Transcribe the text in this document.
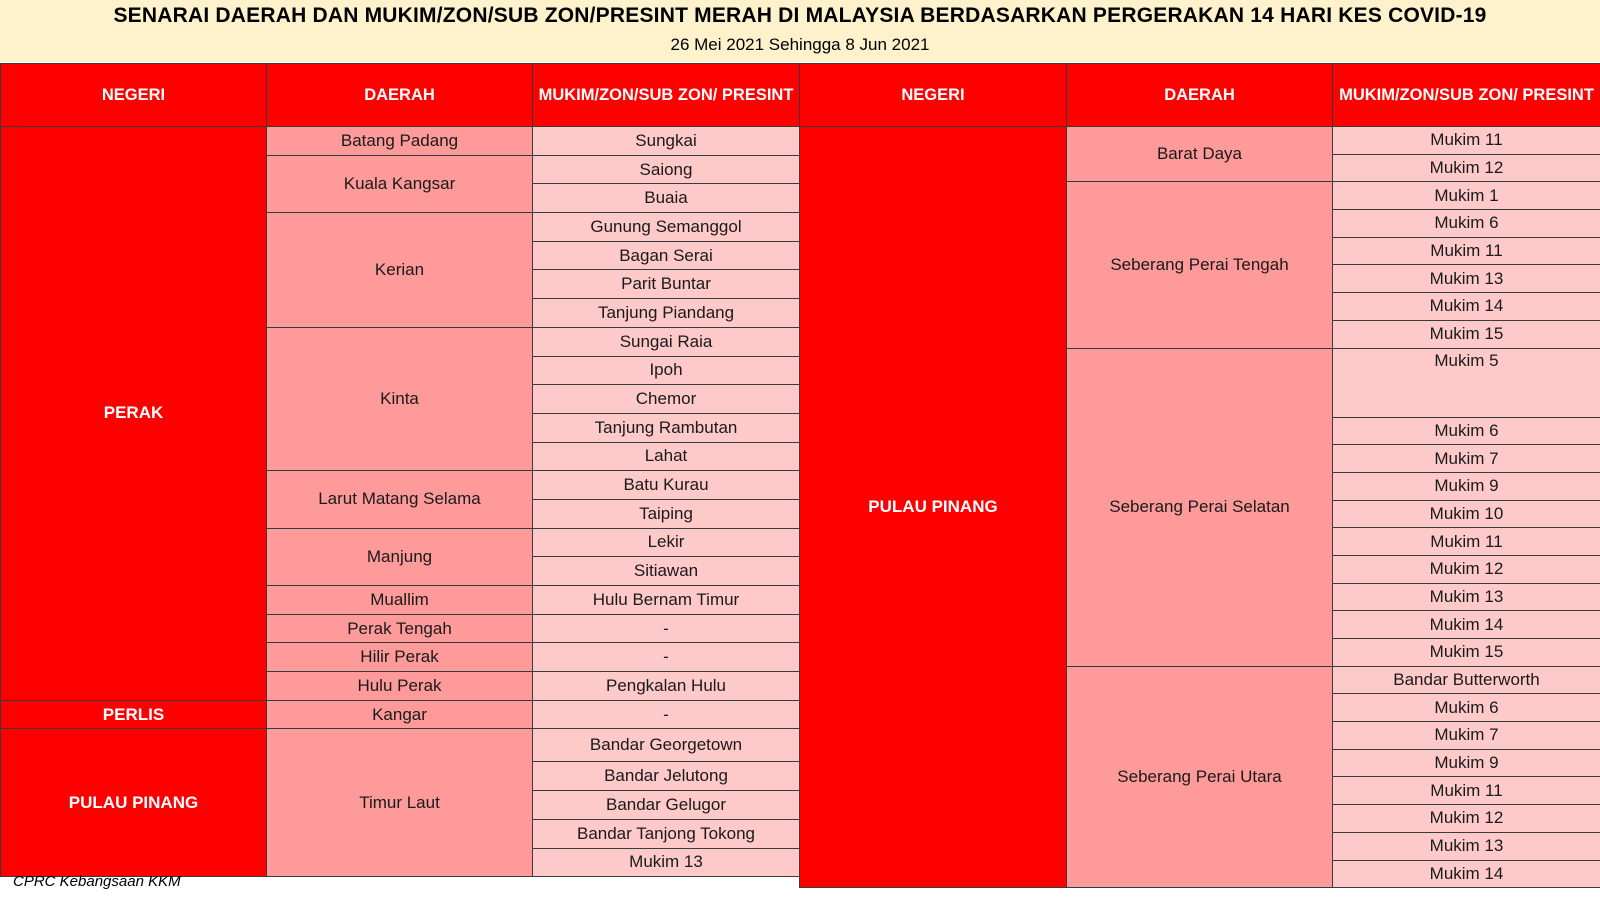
SENARAI DAERAH DAN MUKIM/ZON/SUB ZON/PRESINT MERAH DI MALAYSIA BERDASARKAN PERGERAKAN 14 HARI KES COVID-19
26 Mei 2021 Sehingga 8 Jun 2021
NEGERI	DAERAH	MUKIM/ZON/SUB ZON/ PRESINT
PERAK	Batang Padang	Sungkai
	Kuala Kangsar	Saiong
		Buaia
	Kerian	Gunung Semanggol
		Bagan Serai
		Parit Buntar
		Tanjung Piandang
	Kinta	Sungai Raia
		Ipoh
		Chemor
		Tanjung Rambutan
		Lahat
	Larut Matang Selama	Batu Kurau
		Taiping
	Manjung	Lekir
		Sitiawan
	Muallim	Hulu Bernam Timur
	Perak Tengah	-
	Hilir Perak	-
	Hulu Perak	Pengkalan Hulu
PERLIS	Kangar	-
PULAU PINANG	Timur Laut	Bandar Georgetown
		Bandar Jelutong
		Bandar Gelugor
		Bandar Tanjong Tokong
		Mukim 13
NEGERI	DAERAH	MUKIM/ZON/SUB ZON/ PRESINT
PULAU PINANG	Barat Daya	Mukim 11
		Mukim 12
	Seberang Perai Tengah	Mukim 1
		Mukim 6
		Mukim 11
		Mukim 13
		Mukim 14
		Mukim 15
	Seberang Perai Selatan	Mukim 5
		Mukim 6
		Mukim 7
		Mukim 9
		Mukim 10
		Mukim 11
		Mukim 12
		Mukim 13
		Mukim 14
		Mukim 15
	Seberang Perai Utara	Bandar Butterworth
		Mukim 6
		Mukim 7
		Mukim 9
		Mukim 11
		Mukim 12
		Mukim 13
		Mukim 14
CPRC Kebangsaan KKM
